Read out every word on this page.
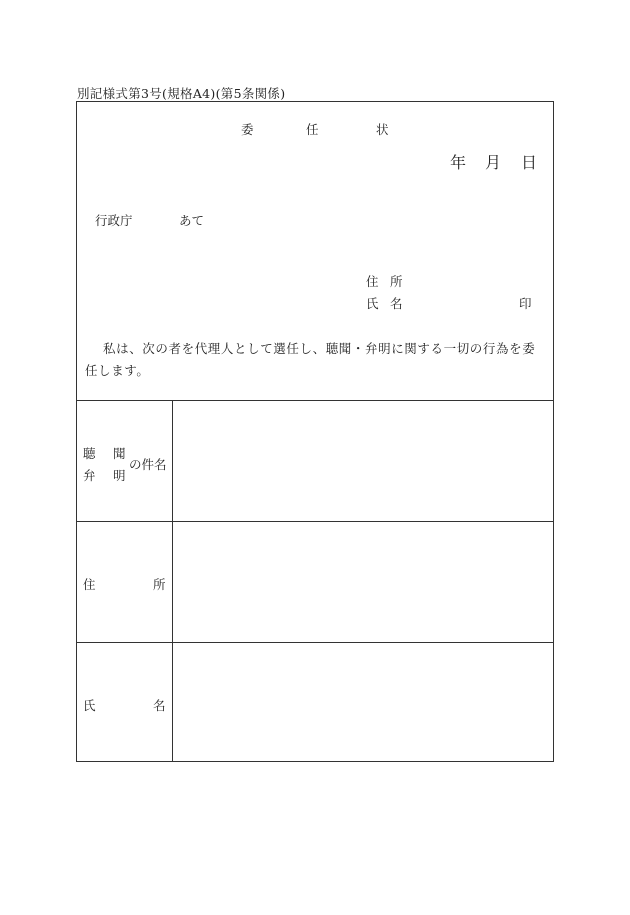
別記様式第3号(規格A4)(第5条関係)
委	任	状
年 月 日
行政庁	あて
住 所
氏 名	印
私は、次の者を代理人として選任し、聴聞・弁明に関する一切の行為を委任します。
聴 聞
弁 明
の件名
住	所
氏	名
